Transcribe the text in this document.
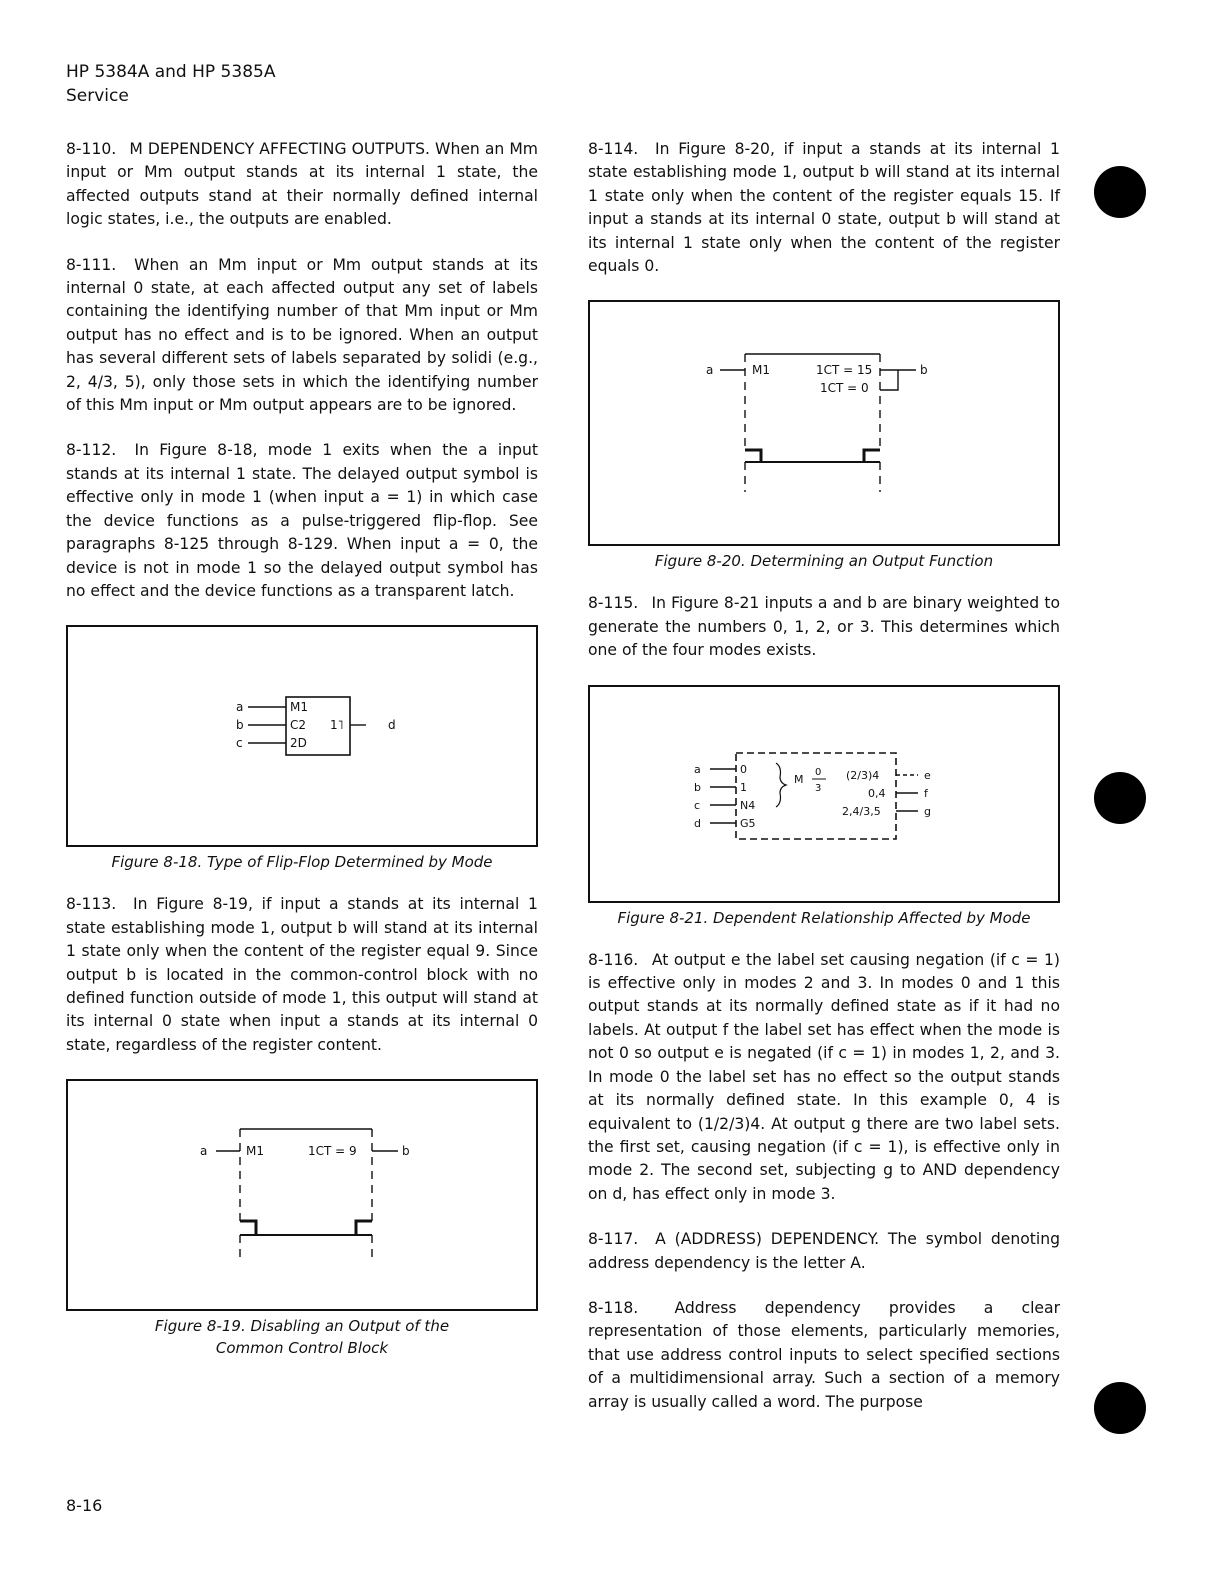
HP 5384A and HP 5385A
Service

8-110. M DEPENDENCY AFFECTING OUTPUTS. When an Mm input or Mm output stands at its internal 1 state, the affected outputs stand at their normally defined internal logic states, i.e., the outputs are enabled.

8-111. When an Mm input or Mm output stands at its internal 0 state, at each affected output any set of labels containing the identifying number of that Mm input or Mm output has no effect and is to be ignored. When an output has several different sets of labels separated by solidi (e.g., 2, 4/3, 5), only those sets in which the identifying number of this Mm input or Mm output appears are to be ignored.

8-112. In Figure 8-18, mode 1 exits when the a input stands at its internal 1 state. The delayed output symbol is effective only in mode 1 (when input a = 1) in which case the device functions as a pulse-triggered flip-flop. See paragraphs 8-125 through 8-129. When input a = 0, the device is not in mode 1 so the delayed output symbol has no effect and the device functions as a transparent latch.

a
b
c
M1
C2
2D
1˥	d
Figure 8-18. Type of Flip-Flop Determined by Mode

8-113. In Figure 8-19, if input a stands at its internal 1 state establishing mode 1, output b will stand at its internal 1 state only when the content of the register equal 9. Since output b is located in the common-control block with no defined function outside of mode 1, this output will stand at its internal 0 state when input a stands at its internal 0 state, regardless of the register content.

a	M1	1CT = 9	b
Figure 8-19. Disabling an Output of the
Common Control Block

8-114. In Figure 8-20, if input a stands at its internal 1 state establishing mode 1, output b will stand at its internal 1 state only when the content of the register equals 15. If input a stands at its internal 0 state, output b will stand at its internal 1 state only when the content of the register equals 0.

a	M1	1CT = 15
1CT = 0
b
Figure 8-20. Determining an Output Function

8-115. In Figure 8-21 inputs a and b are binary weighted to generate the numbers 0, 1, 2, or 3. This determines which one of the four modes exists.

a
b
c
d
0
1
N4
G5
M
0
3
(2/3)4
0,4
2,4/3,5
e
f
g
Figure 8-21. Dependent Relationship Affected by Mode

8-116. At output e the label set causing negation (if c = 1) is effective only in modes 2 and 3. In modes 0 and 1 this output stands at its normally defined state as if it had no labels. At output f the label set has effect when the mode is not 0 so output e is negated (if c = 1) in modes 1, 2, and 3. In mode 0 the label set has no effect so the output stands at its normally defined state. In this example 0, 4 is equivalent to (1/2/3)4. At output g there are two label sets. the first set, causing negation (if c = 1), is effective only in mode 2. The second set, subjecting g to AND dependency on d, has effect only in mode 3.

8-117. A (ADDRESS) DEPENDENCY. The symbol denoting address dependency is the letter A.

8-118. Address dependency provides a clear representation of those elements, particularly memories, that use address control inputs to select specified sections of a multidimensional array. Such a section of a memory array is usually called a word. The purpose

8-16
